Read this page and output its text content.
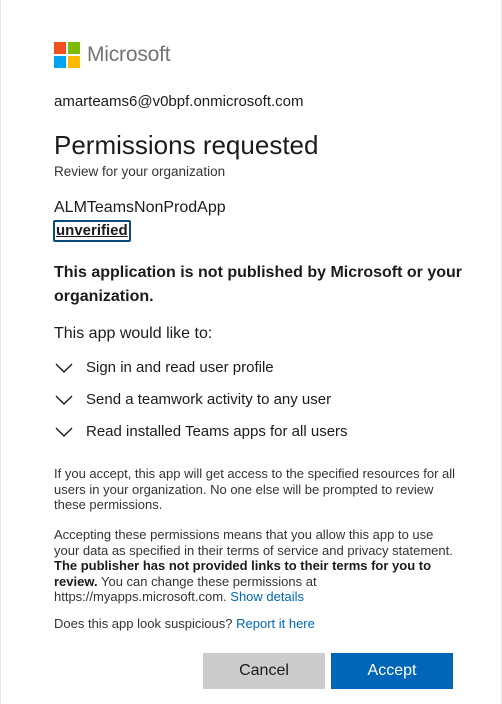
Microsoft
amarteams6@v0bpf.onmicrosoft.com
Permissions requested
Review for your organization
ALMTeamsNonProdApp
unverified
This application is not published by Microsoft or your organization.
This app would like to:
Sign in and read user profile
Send a teamwork activity to any user
Read installed Teams apps for all users
If you accept, this app will get access to the specified resources for all users in your organization. No one else will be prompted to review these permissions.
Accepting these permissions means that you allow this app to use your data as specified in their terms of service and privacy statement. The publisher has not provided links to their terms for you to review. You can change these permissions at https://myapps.microsoft.com. Show details
Does this app look suspicious? Report it here
Cancel	Accept
